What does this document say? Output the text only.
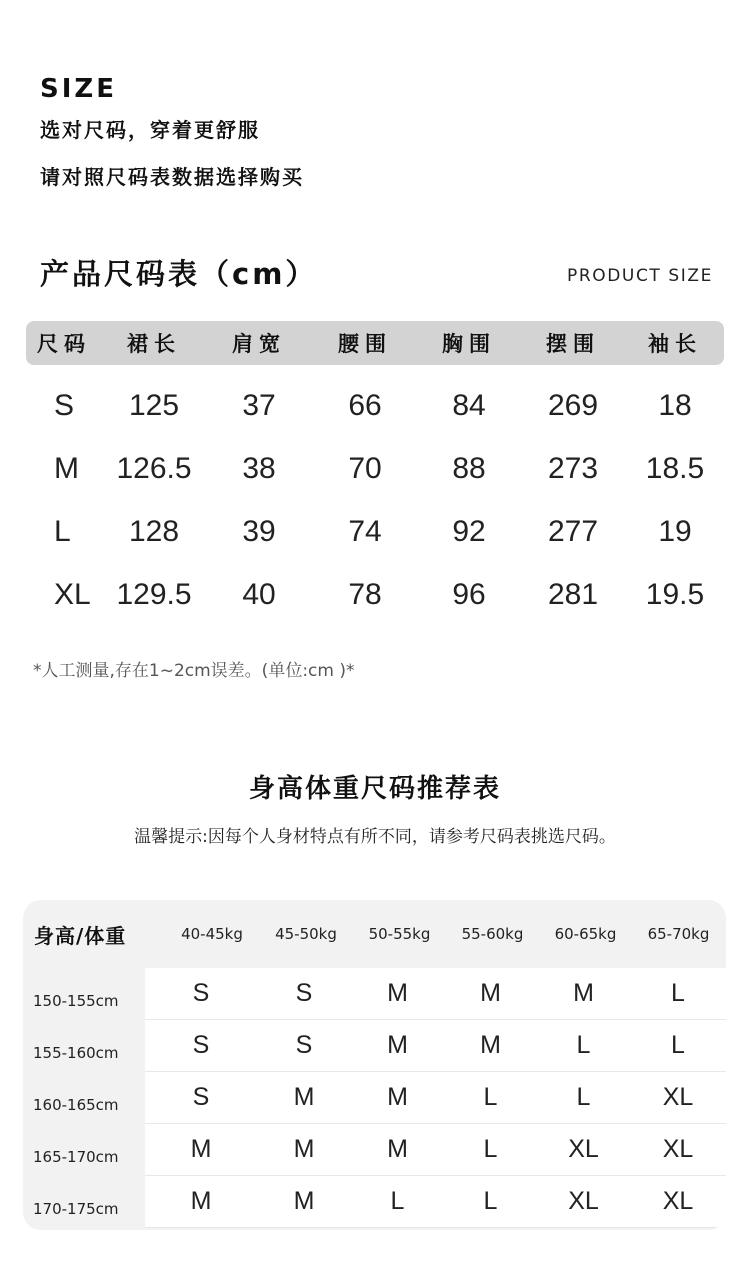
SIZE
选对尺码，穿着更舒服
请对照尺码表数据选择购买
产品尺码表（cm）	PRODUCT SIZE
尺码	裙长	肩宽	腰围	胸围	摆围	袖长
S	125	37	66	84	269	18
M	126.5	38	70	88	273	18.5
L	128	39	74	92	277	19
XL 129.5	40	78	96	281	19.5
*人工测量,存在1~2cm误差。(单位:cm )*
身高体重尺码推荐表
温馨提示:因每个人身材特点有所不同，请参考尺码表挑选尺码。
身高/体重	40-45kg	45-50kg	50-55kg	55-60kg	60-65kg	65-70kg
150-155cm	S	S	M	M	M	L
155-160cm	S	S	M	M	L	L
160-165cm	S	M	M	L	L	XL
165-170cm	M	M	M	L	XL	XL
170-175cm	M	M	L	L	XL	XL
